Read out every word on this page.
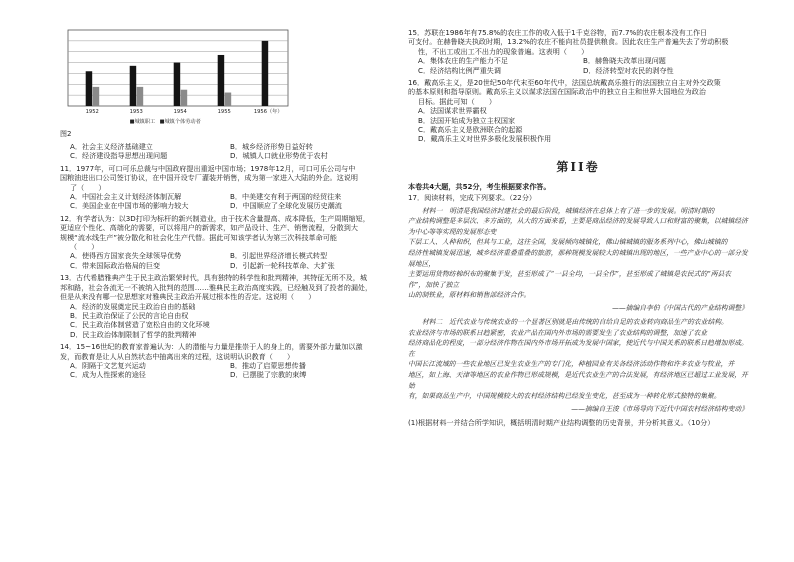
1952	1953	1954	1955	1956（年）
■城镇职工 ■城镇个体劳动者
图2
A．社会主义经济基础建立	B．城乡经济形势日益好转
C．经济建设指导思想出现问题	D．城镇人口就业形势优于农村

11．1977年，可口可乐总裁与中国政府提出重返中国市场；1978年12月，可口可乐公司与中

国粮油进出口公司签订协议，在中国开设专厂灌装并销售，成为第一家进入大陆的外企。这说明

了（　　）

A．中国社会主义计划经济体制瓦解	B．中美建交有利于两国的经贸往来
C．美国企业在中国市场的影响力较大	D．中国顺应了全球化发展历史潮流

12．有学者认为：以3D打印为标杆的新兴制造业，由于技术含量提高、成本降低，生产周期缩短，

更适应个性化、高端化的需要，可以将用户的新需求，如产品设计、生产、销售流程，分散到大

规模“流水线生产”被分散化和社会化生产代替。据此可知该学者认为第三次科技革命可能

（　　）

A．使得西方国家丧失全球领导优势	B．引起世界经济增长模式转型
C．带来国际政治格局的巨变	D．引起新一轮科技革命、大扩张

13．古代希腊雅典产生于民主政治繁荣时代，具有独特的科学性和批判精神，其特征无所不及，城

邦和路，社会各流无一不被纳入批判的范围……雅典民主政治高度实践，已经触及到了投者的漏处，

但是从来没有哪一位思想家对雅典民主政治开展过根本性的否定。这说明（　　）

A．经济的发展奠定民主政治自由的基础
B．民主政治保证了公民的言论自由权
C．民主政治体制营造了宽松自由的文化环境
D．民主政治体制限制了哲学的批判精神

14．15~16世纪的教育家普遍认为：人的潜能与力量是推崇于人的身上的，需要外部力量加以激

发，而教育是让人从自然状态中抽离出来的过程，这说明认识教育（　　）

A．阴隔于文艺复兴运动	B．推动了启蒙思想传播
C．成为人性探索的途径	D．已摆脱了宗教的束缚

15．苏联在1986年有75.8%的农庄工作的收入低于1千克谷物，而7.7%的农庄根本没有工作日

可支付。在赫鲁晓夫执政时期，13.2%的农庄不能向社员提供粮食。因此农庄生产普遍失去了劳动积极

性，不出工或出工不出力的现象普遍。这表明（　　）

A．集体农庄的生产能力不足	B．赫鲁晓夫改革出现问题
C．经济结构比例严重失调	D．经济转型对农民的剥夺性

16．戴高乐主义，是20世纪50年代末至60年代中，法国总统戴高乐推行的法国独立自主对外交政策

的基本原则和指导原则。戴高乐主义以谋求法国在国际政治中的独立自主和世界大国地位为政治

目标。据此可知（　　）

A．法国谋求世界霸权
B．法国开始成为独立主权国家
C．戴高乐主义是欧洲联合的起源
D．戴高乐主义对世界多极化发展积极作用
第II卷

本卷共4大题，共52分，考生根据要求作答。

17．阅读材料，完成下列要求。（22分）

材料一　明清是我国经济封建社会的最后阶段，城镇经济在总体上有了进一步的发展。明清时期的

产业结构调整是多层次、多方面的，从大的方面来看，主要是商品经济的发展导致人口和财富的聚集，以城镇经济为中心等等实现的发展形态变

下层工人、人种和织，但其与工业，这往全国，发展倾向城镇化，佛山镇城镇的服务系列中心，佛山城镇的

经济性城镇发展迅速，城乡经济重叠重叠的旅游，那种规模发展较大的城镇出现的地区，一些产业中心的一部分发展地区，

主要运用货物纺棉织布的聚集于发，甚至形成了“一县全均，一县全作”，甚至形成了城镇是农民式的“两县农作”，加快了独立

山的制铁业，原材料和销售部经济合作。

——摘编自李伯《中国古代的产业结构调整》

材料二　近代农业与传统农业的一个显著区别就是由传统的自给自足的农业转向商品生产的农业结构。

农业经济与市场的联系日趋紧密，农业产品在国内外市场的需要发生了农业结构的调整，加速了农业

经济商品化的程度，一部分经济作物在国内外市场开拓成为发展中国家，使近代与中国关系的联系日趋增加形成。在

中国长江流域的一些农业地区已发生农业生产的专门化，种植园业有关各经济活动作物和许多农业与牧业，并

地区，如上海、天津等地区的农业作物已形成规模，是近代农业生产的合法发展，有经济地区已超过工业发展，开始

有，如果商品生产中，中国规模较大的农村经济结构已经发生变化，甚至成为一种转化形式独特的集聚。

——摘编自王浚《市场导向下近代中国农村经济结构变动》

(1)根据材料一并结合所学知识，概括明清时期产业结构调整的历史背景，并分析其意义。（10分）
